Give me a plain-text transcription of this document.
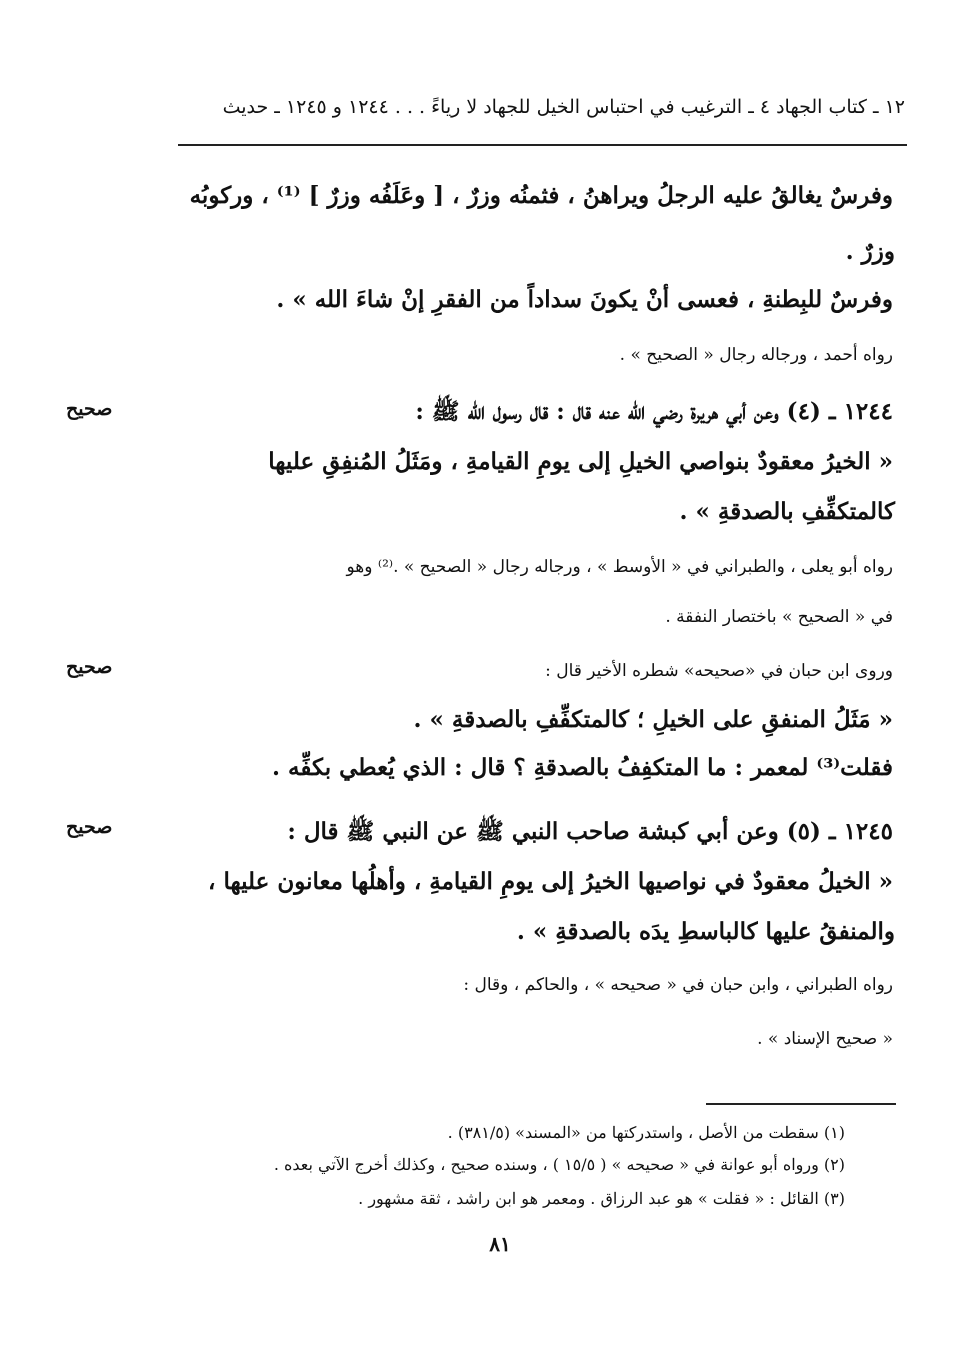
١٢ ـ كتاب الجهاد ٤ ـ الترغيب في احتباس الخيل للجهاد لا رياءً . . . ١٢٤٤ و ١٢٤٥ ـ حديث
وفرسٌ يغالقُ عليه الرجلُ ويراهنُ ، فثمنُه وزرٌ ، [ وعَلَفُه وزرٌ ] ⁽¹⁾ ، وركوبُه
وزرٌ .
وفرسٌ للبِطنةِ ، فعسى أنْ يكونَ سداداً من الفقرِ إنْ شاءَ الله » .
رواه أحمد ، ورجاله رجال « الصحيح » .
صحيح	١٢٤٤ ـ (٤) وعن أبي هريرة رضي الله عنه قال : قال رسول الله ﷺ :
« الخيرُ معقودٌ بنواصي الخيلِ إلى يومِ القيامةِ ، ومَثَلُ المُنفِقِ عليها
كالمتكفِّفِ بالصدقةِ » .
رواه أبو يعلى ، والطبراني في « الأوسط » ، ورجاله رجال « الصحيح » .⁽²⁾ وهو
في « الصحيح » باختصار النفقة .
صحيح	وروى ابن حبان في «صحيحه» شطره الأخير قال :
« مَثَلُ المنفقِ على الخيلِ ؛ كالمتكفِّفِ بالصدقةِ » .
فقلت⁽³⁾ لمعمر : ما المتكفِفُ بالصدقةِ ؟ قال : الذي يُعطي بكفِّه .
صحيح	١٢٤٥ ـ (٥) وعن أبي كبشة صاحب النبي ﷺ عن النبي ﷺ قال :
« الخيلُ معقودٌ في نواصيها الخيرُ إلى يومِ القيامةِ ، وأهلُها معانون عليها ،
والمنفقُ عليها كالباسطِ يدَه بالصدقةِ » .
رواه الطبراني ، وابن حبان في « صحيحه » ، والحاكم ، وقال :
« صحيح الإسناد » .
(١) سقطت من الأصل ، واستدركتها من «المسند» (٣٨١/٥) .
(٢) ورواه أبو عوانة في « صحيحه » ( ١٥/٥ ) ، وسنده صحيح ، وكذلك أخرج الآتي بعده .
(٣) القائل : « فقلت » هو عبد الرزاق . ومعمر هو ابن راشد ، ثقة مشهور .
٨١
